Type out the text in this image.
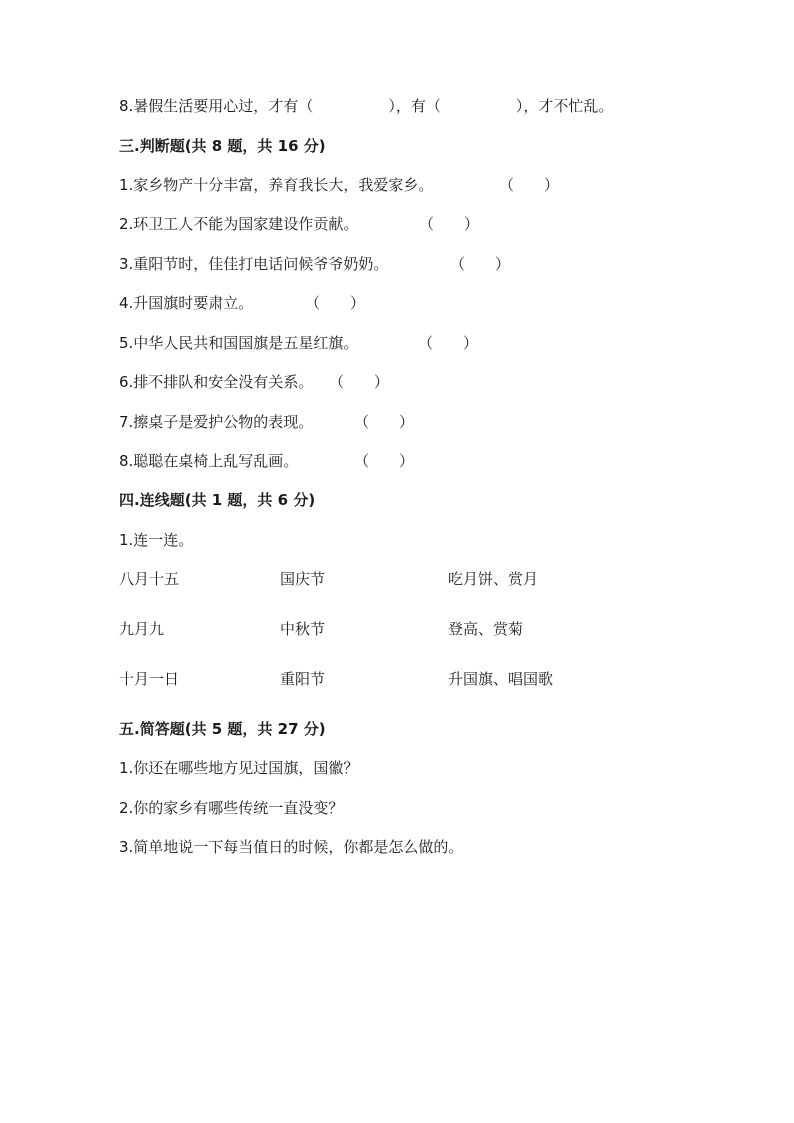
8.暑假生活要用心过，才有（　　　　　），有（　　　　　），才不忙乱。
三.判断题(共 8 题，共 16 分)
1.家乡物产十分丰富，养育我长大，我爱家乡。	（　　）
2.环卫工人不能为国家建设作贡献。	（　　）
3.重阳节时，佳佳打电话问候爷爷奶奶。	（　　）
4.升国旗时要肃立。	（　　）
5.中华人民共和国国旗是五星红旗。	（　　）
6.排不排队和安全没有关系。 （　　）
7.擦桌子是爱护公物的表现。	（　　）
8.聪聪在桌椅上乱写乱画。	（　　）
四.连线题(共 1 题，共 6 分)
1.连一连。
八月十五	国庆节	吃月饼、赏月
九月九	中秋节	登高、赏菊
十月一日	重阳节	升国旗、唱国歌
五.简答题(共 5 题，共 27 分)
1.你还在哪些地方见过国旗，国徽？
2.你的家乡有哪些传统一直没变？
3.简单地说一下每当值日的时候，你都是怎么做的。
